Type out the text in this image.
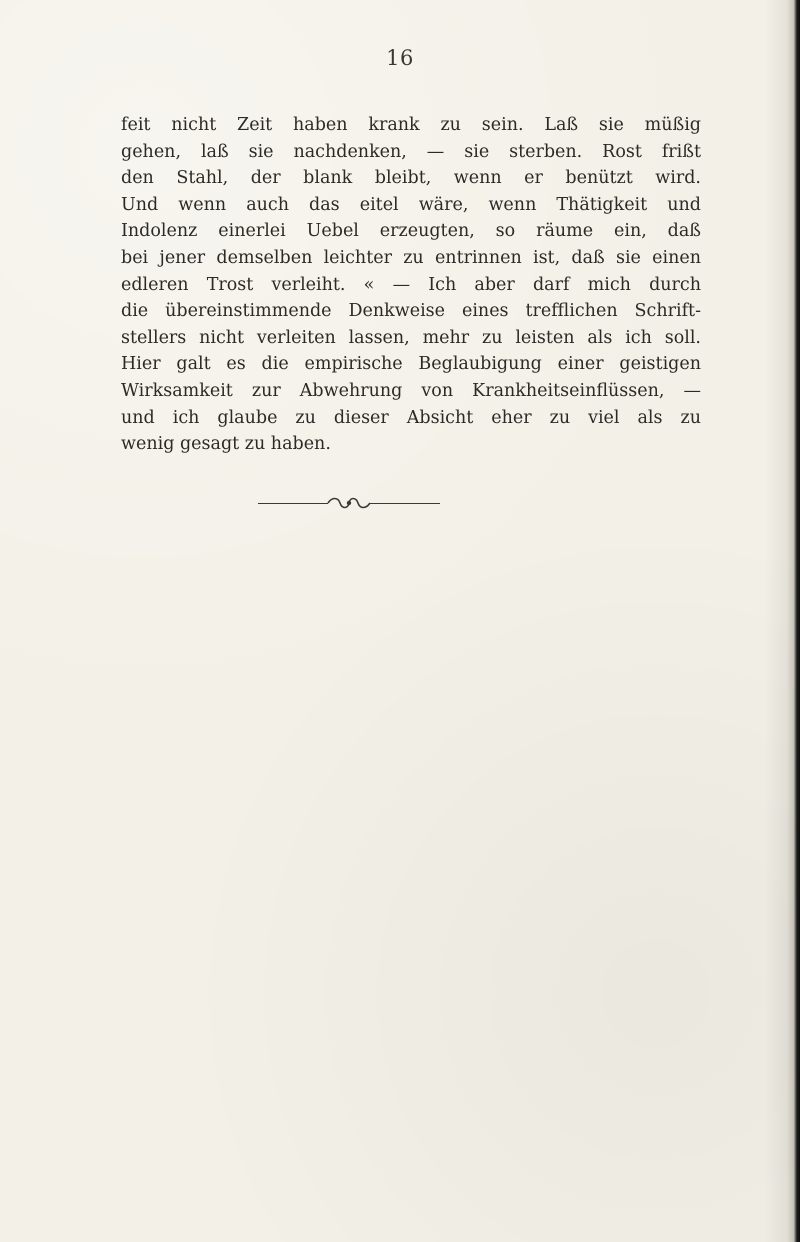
16
feit nicht Zeit haben krank zu sein. Laß sie müßig
gehen, laß sie nachdenken, — sie sterben. Rost frißt
den Stahl, der blank bleibt, wenn er benützt wird.
Und wenn auch das eitel wäre, wenn Thätigkeit und
Indolenz einerlei Uebel erzeugten, so räume ein, daß
bei jener demselben leichter zu entrinnen ist, daß sie einen
edleren Trost verleiht. « — Ich aber darf mich durch
die übereinstimmende Denkweise eines trefflichen Schrift-
stellers nicht verleiten lassen, mehr zu leisten als ich soll.
Hier galt es die empirische Beglaubigung einer geistigen
Wirksamkeit zur Abwehrung von Krankheitseinflüssen, —
und ich glaube zu dieser Absicht eher zu viel als zu
wenig gesagt zu haben.
